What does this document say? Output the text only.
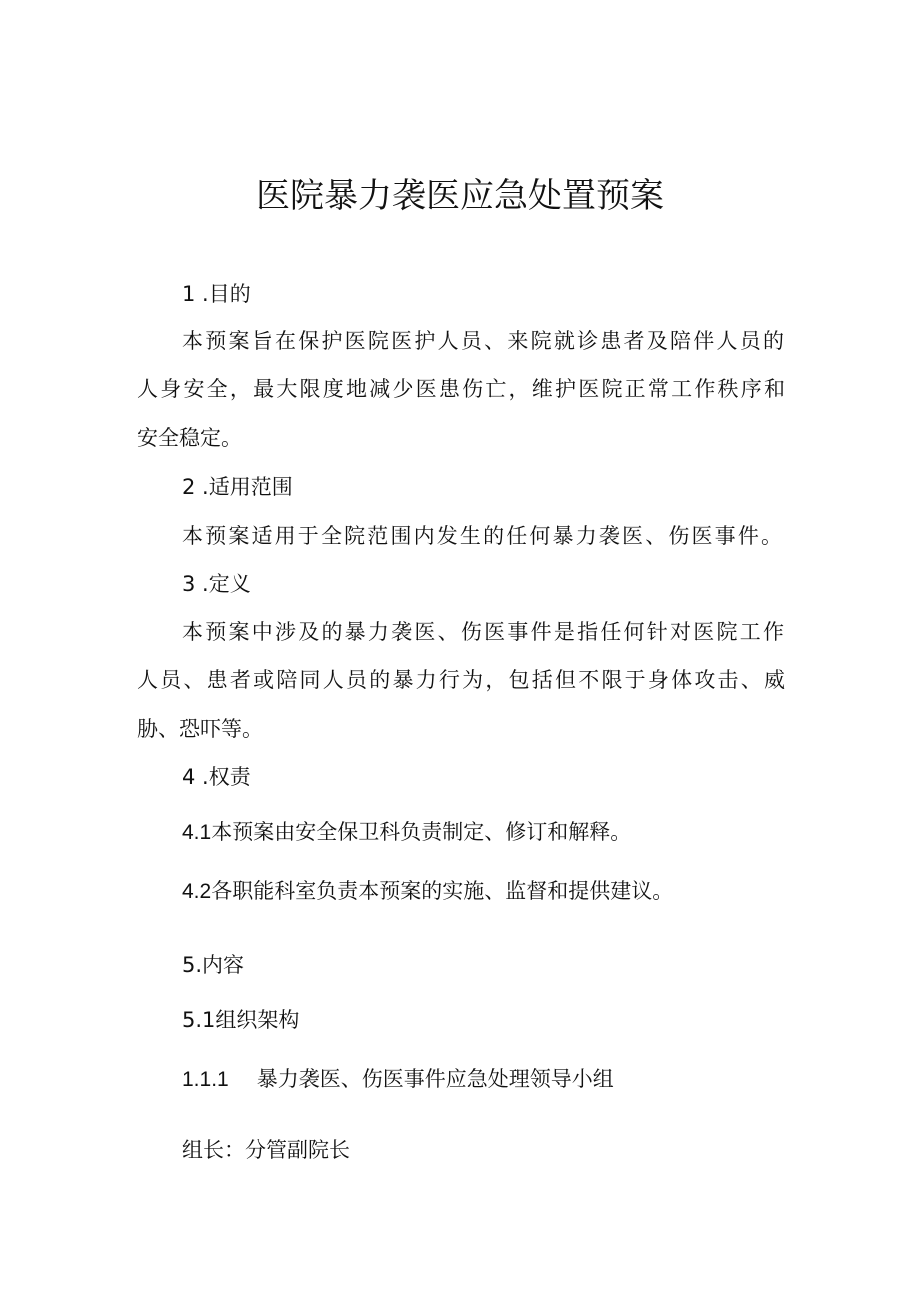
医院暴力袭医应急处置预案
1 .目的
本预案旨在保护医院医护人员、来院就诊患者及陪伴人员的
人身安全，最大限度地减少医患伤亡，维护医院正常工作秩序和
安全稳定。
2 .适用范围
本预案适用于全院范围内发生的任何暴力袭医、伤医事件。
3 .定义
本预案中涉及的暴力袭医、伤医事件是指任何针对医院工作
人员、患者或陪同人员的暴力行为，包括但不限于身体攻击、威
胁、恐吓等。
4 .权责
4.1本预案由安全保卫科负责制定、修订和解释。
4.2各职能科室负责本预案的实施、监督和提供建议。
5.内容
5.1组织架构
1.1.1 暴力袭医、伤医事件应急处理领导小组
组长：分管副院长
